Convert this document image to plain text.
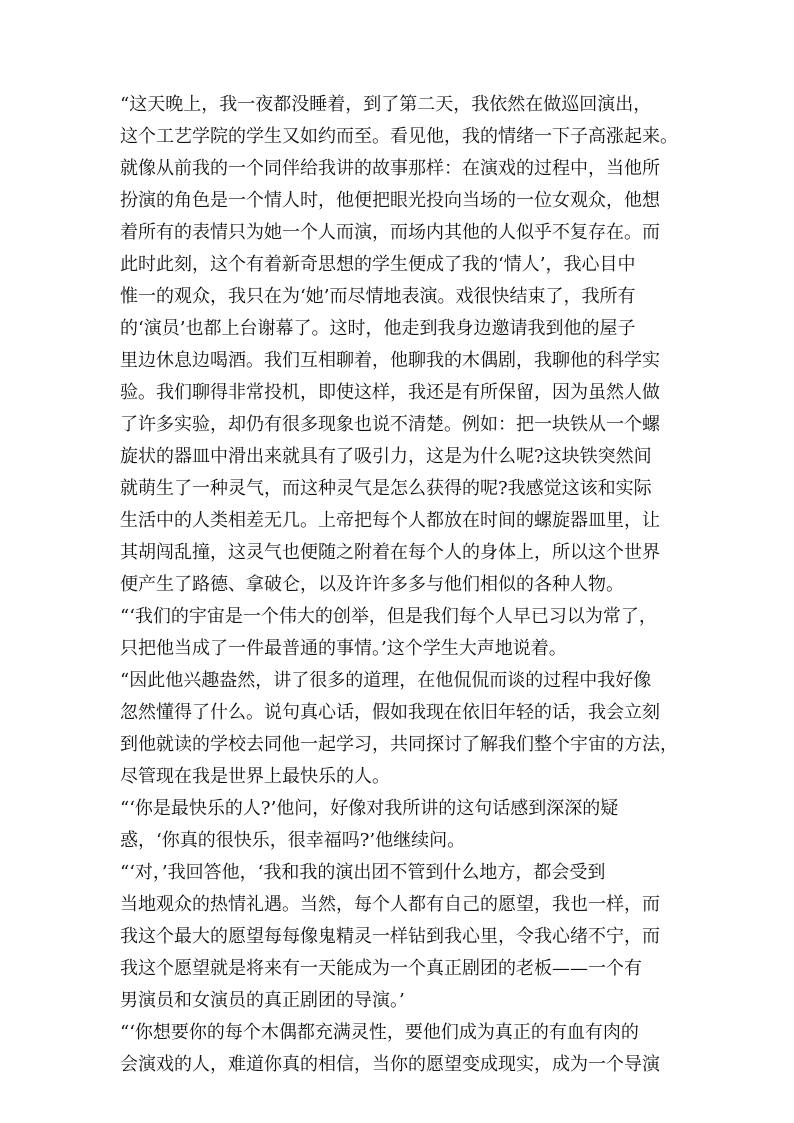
“这天晚上，我一夜都没睡着，到了第二天，我依然在做巡回演出，
这个工艺学院的学生又如约而至。看见他，我的情绪一下子高涨起来。
就像从前我的一个同伴给我讲的故事那样：在演戏的过程中，当他所
扮演的角色是一个情人时，他便把眼光投向当场的一位女观众，他想
着所有的表情只为她一个人而演，而场内其他的人似乎不复存在。而
此时此刻，这个有着新奇思想的学生便成了我的‘情人’，我心目中
惟一的观众，我只在为‘她’而尽情地表演。戏很快结束了，我所有
的‘演员’也都上台谢幕了。这时，他走到我身边邀请我到他的屋子
里边休息边喝酒。我们互相聊着，他聊我的木偶剧，我聊他的科学实
验。我们聊得非常投机，即使这样，我还是有所保留，因为虽然人做
了许多实验，却仍有很多现象也说不清楚。例如：把一块铁从一个螺
旋状的器皿中滑出来就具有了吸引力，这是为什么呢?这块铁突然间
就萌生了一种灵气，而这种灵气是怎么获得的呢?我感觉这该和实际
生活中的人类相差无几。上帝把每个人都放在时间的螺旋器皿里，让
其胡闯乱撞，这灵气也便随之附着在每个人的身体上，所以这个世界
便产生了路德、拿破仑，以及许许多多与他们相似的各种人物。
“‘我们的宇宙是一个伟大的创举，但是我们每个人早已习以为常了，
只把他当成了一件最普通的事情。’这个学生大声地说着。
“因此他兴趣盎然，讲了很多的道理，在他侃侃而谈的过程中我好像
忽然懂得了什么。说句真心话，假如我现在依旧年轻的话，我会立刻
到他就读的学校去同他一起学习，共同探讨了解我们整个宇宙的方法，
尽管现在我是世界上最快乐的人。
“‘你是最快乐的人?’他问，好像对我所讲的这句话感到深深的疑
惑，‘你真的很快乐，很幸福吗?’他继续问。
“‘对，’我回答他，‘我和我的演出团不管到什么地方，都会受到
当地观众的热情礼遇。当然，每个人都有自己的愿望，我也一样，而
我这个最大的愿望每每像鬼精灵一样钻到我心里，令我心绪不宁，而
我这个愿望就是将来有一天能成为一个真正剧团的老板——一个有
男演员和女演员的真正剧团的导演。’
“‘你想要你的每个木偶都充满灵性，要他们成为真正的有血有肉的
会演戏的人，难道你真的相信，当你的愿望变成现实，成为一个导演
